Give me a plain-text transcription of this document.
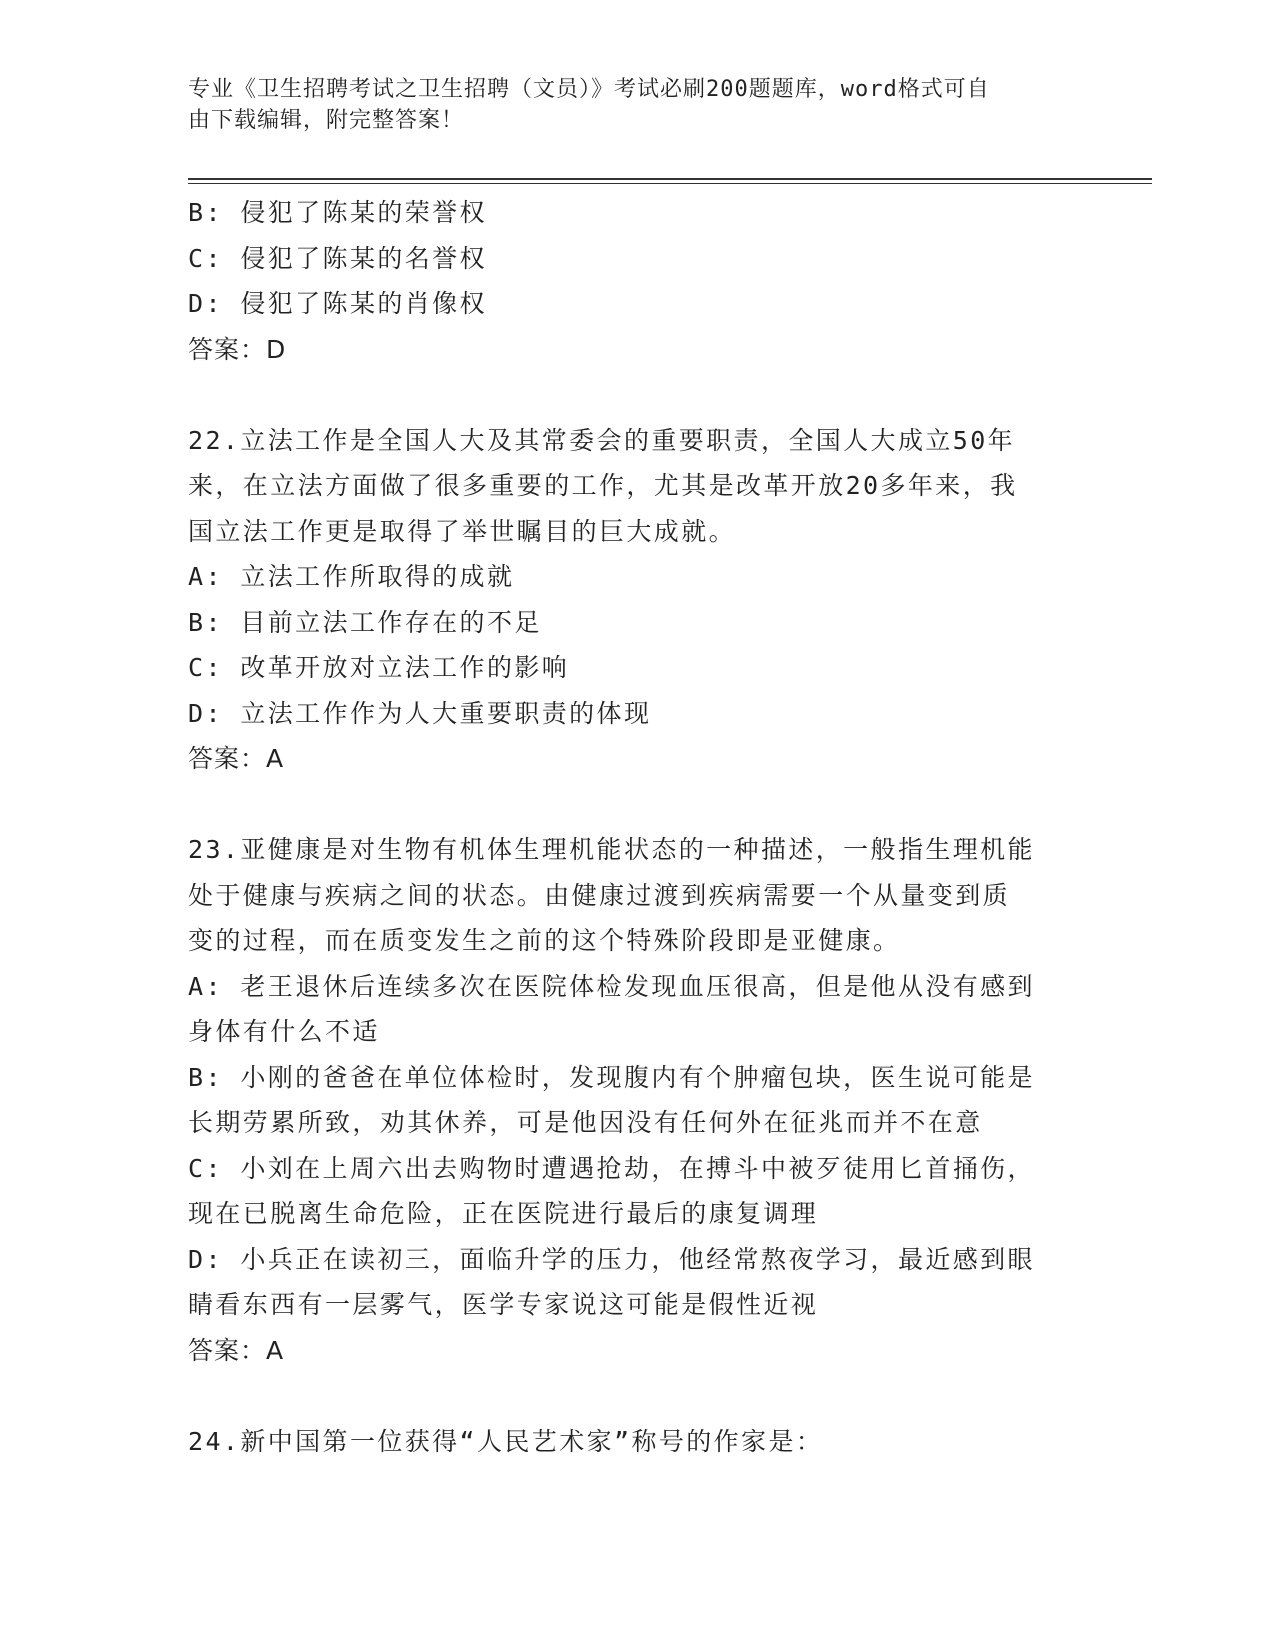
专业《卫生招聘考试之卫生招聘（文员）》考试必刷200题题库，word格式可自
由下载编辑，附完整答案！
B: 侵犯了陈某的荣誉权
C: 侵犯了陈某的名誉权
D: 侵犯了陈某的肖像权
答案：D
22.立法工作是全国人大及其常委会的重要职责，全国人大成立50年
来，在立法方面做了很多重要的工作，尤其是改革开放20多年来，我
国立法工作更是取得了举世瞩目的巨大成就。
A: 立法工作所取得的成就
B: 目前立法工作存在的不足
C: 改革开放对立法工作的影响
D: 立法工作作为人大重要职责的体现
答案：A
23.亚健康是对生物有机体生理机能状态的一种描述，一般指生理机能
处于健康与疾病之间的状态。由健康过渡到疾病需要一个从量变到质
变的过程，而在质变发生之前的这个特殊阶段即是亚健康。
A: 老王退休后连续多次在医院体检发现血压很高，但是他从没有感到
身体有什么不适
B: 小刚的爸爸在单位体检时，发现腹内有个肿瘤包块，医生说可能是
长期劳累所致，劝其休养，可是他因没有任何外在征兆而并不在意
C: 小刘在上周六出去购物时遭遇抢劫，在搏斗中被歹徒用匕首捅伤，
现在已脱离生命危险，正在医院进行最后的康复调理
D: 小兵正在读初三，面临升学的压力，他经常熬夜学习，最近感到眼
睛看东西有一层雾气，医学专家说这可能是假性近视
答案：A
24.新中国第一位获得“人民艺术家”称号的作家是：
